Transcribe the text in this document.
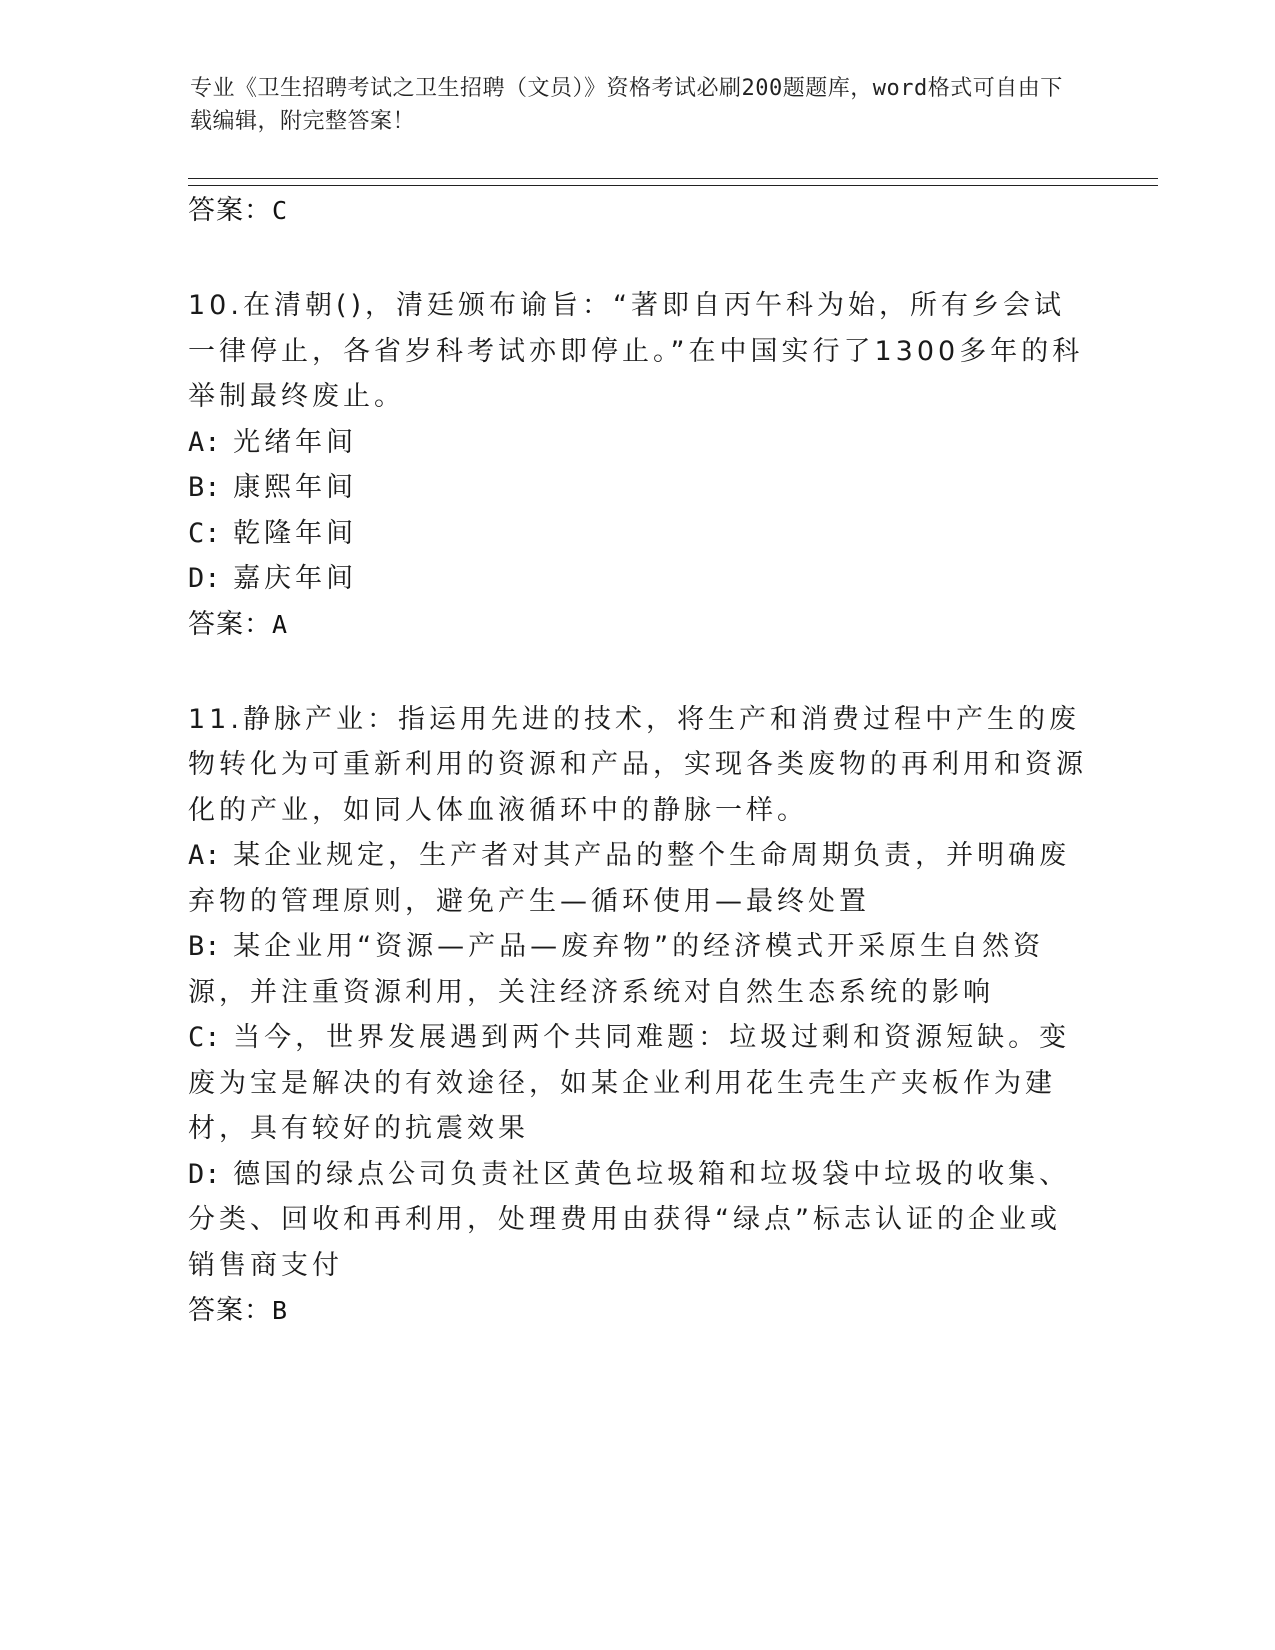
专业《卫生招聘考试之卫生招聘（文员）》资格考试必刷200题题库，word格式可自由下载编辑，附完整答案！

答案：C

10.在清朝()，清廷颁布谕旨：“著即自丙午科为始，所有乡会试一律停止，各省岁科考试亦即停止。”在中国实行了1300多年的科举制最终废止。

A: 光绪年间

B: 康熙年间

C: 乾隆年间

D: 嘉庆年间

答案：A

11.静脉产业：指运用先进的技术，将生产和消费过程中产生的废物转化为可重新利用的资源和产品，实现各类废物的再利用和资源化的产业，如同人体血液循环中的静脉一样。

A: 某企业规定，生产者对其产品的整个生命周期负责，并明确废弃物的管理原则，避免产生—循环使用—最终处置

B: 某企业用“资源—产品—废弃物”的经济模式开采原生自然资源，并注重资源利用，关注经济系统对自然生态系统的影响

C: 当今，世界发展遇到两个共同难题：垃圾过剩和资源短缺。变废为宝是解决的有效途径，如某企业利用花生壳生产夹板作为建材，具有较好的抗震效果

D: 德国的绿点公司负责社区黄色垃圾箱和垃圾袋中垃圾的收集、分类、回收和再利用，处理费用由获得“绿点”标志认证的企业或销售商支付

答案：B
